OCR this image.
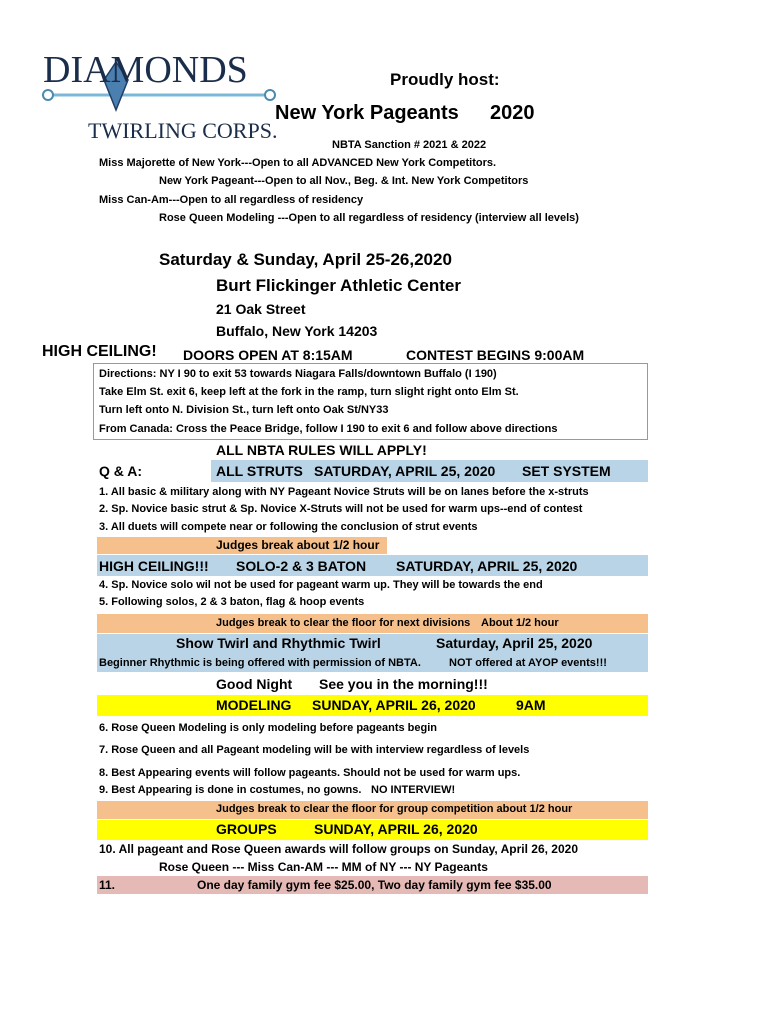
DIAMONDS
TWIRLING CORPS.
Proudly host:
New York Pageants 2020
NBTA Sanction # 2021 & 2022
Miss Majorette of New York---Open to all ADVANCED New York Competitors.
New York Pageant---Open to all Nov., Beg. & Int. New York Competitors
Miss Can-Am---Open to all regardless of residency
Rose Queen Modeling ---Open to all regardless of residency (interview all levels)
Saturday & Sunday, April 25-26,2020
Burt Flickinger Athletic Center
21 Oak Street
Buffalo, New York 14203
HIGH CEILING! DOORS OPEN AT 8:15AM	CONTEST BEGINS 9:00AM
Directions: NY I 90 to exit 53 towards Niagara Falls/downtown Buffalo (I 190)
Take Elm St. exit 6, keep left at the fork in the ramp, turn slight right onto Elm St.
Turn left onto N. Division St., turn left onto Oak St/NY33
From Canada: Cross the Peace Bridge, follow I 190 to exit 6 and follow above directions
ALL NBTA RULES WILL APPLY!
Q & A:	ALL STRUTS SATURDAY, APRIL 25, 2020 SET SYSTEM
1. All basic & military along with NY Pageant Novice Struts will be on lanes before the x-struts
2. Sp. Novice basic strut & Sp. Novice X-Struts will not be used for warm ups--end of contest
3. All duets will compete near or following the conclusion of strut events
Judges break about 1/2 hour
HIGH CEILING!!! SOLO-2 & 3 BATON SATURDAY, APRIL 25, 2020
4. Sp. Novice solo wil not be used for pageant warm up. They will be towards the end
5. Following solos, 2 & 3 baton, flag & hoop events
Judges break to clear the floor for next divisions About 1/2 hour
Show Twirl and Rhythmic Twirl	Saturday, April 25, 2020
Beginner Rhythmic is being offered with permission of NBTA.	NOT offered at AYOP events!!!
Good Night See you in the morning!!!
MODELING SUNDAY, APRIL 26, 2020	9AM
6. Rose Queen Modeling is only modeling before pageants begin
7. Rose Queen and all Pageant modeling will be with interview regardless of levels
8. Best Appearing events will follow pageants. Should not be used for warm ups.
9. Best Appearing is done in costumes, no gowns. NO INTERVIEW!
Judges break to clear the floor for group competition about 1/2 hour
GROUPS	SUNDAY, APRIL 26, 2020
10. All pageant and Rose Queen awards will follow groups on Sunday, April 26, 2020
Rose Queen --- Miss Can-AM --- MM of NY --- NY Pageants
11.	One day family gym fee $25.00, Two day family gym fee $35.00
